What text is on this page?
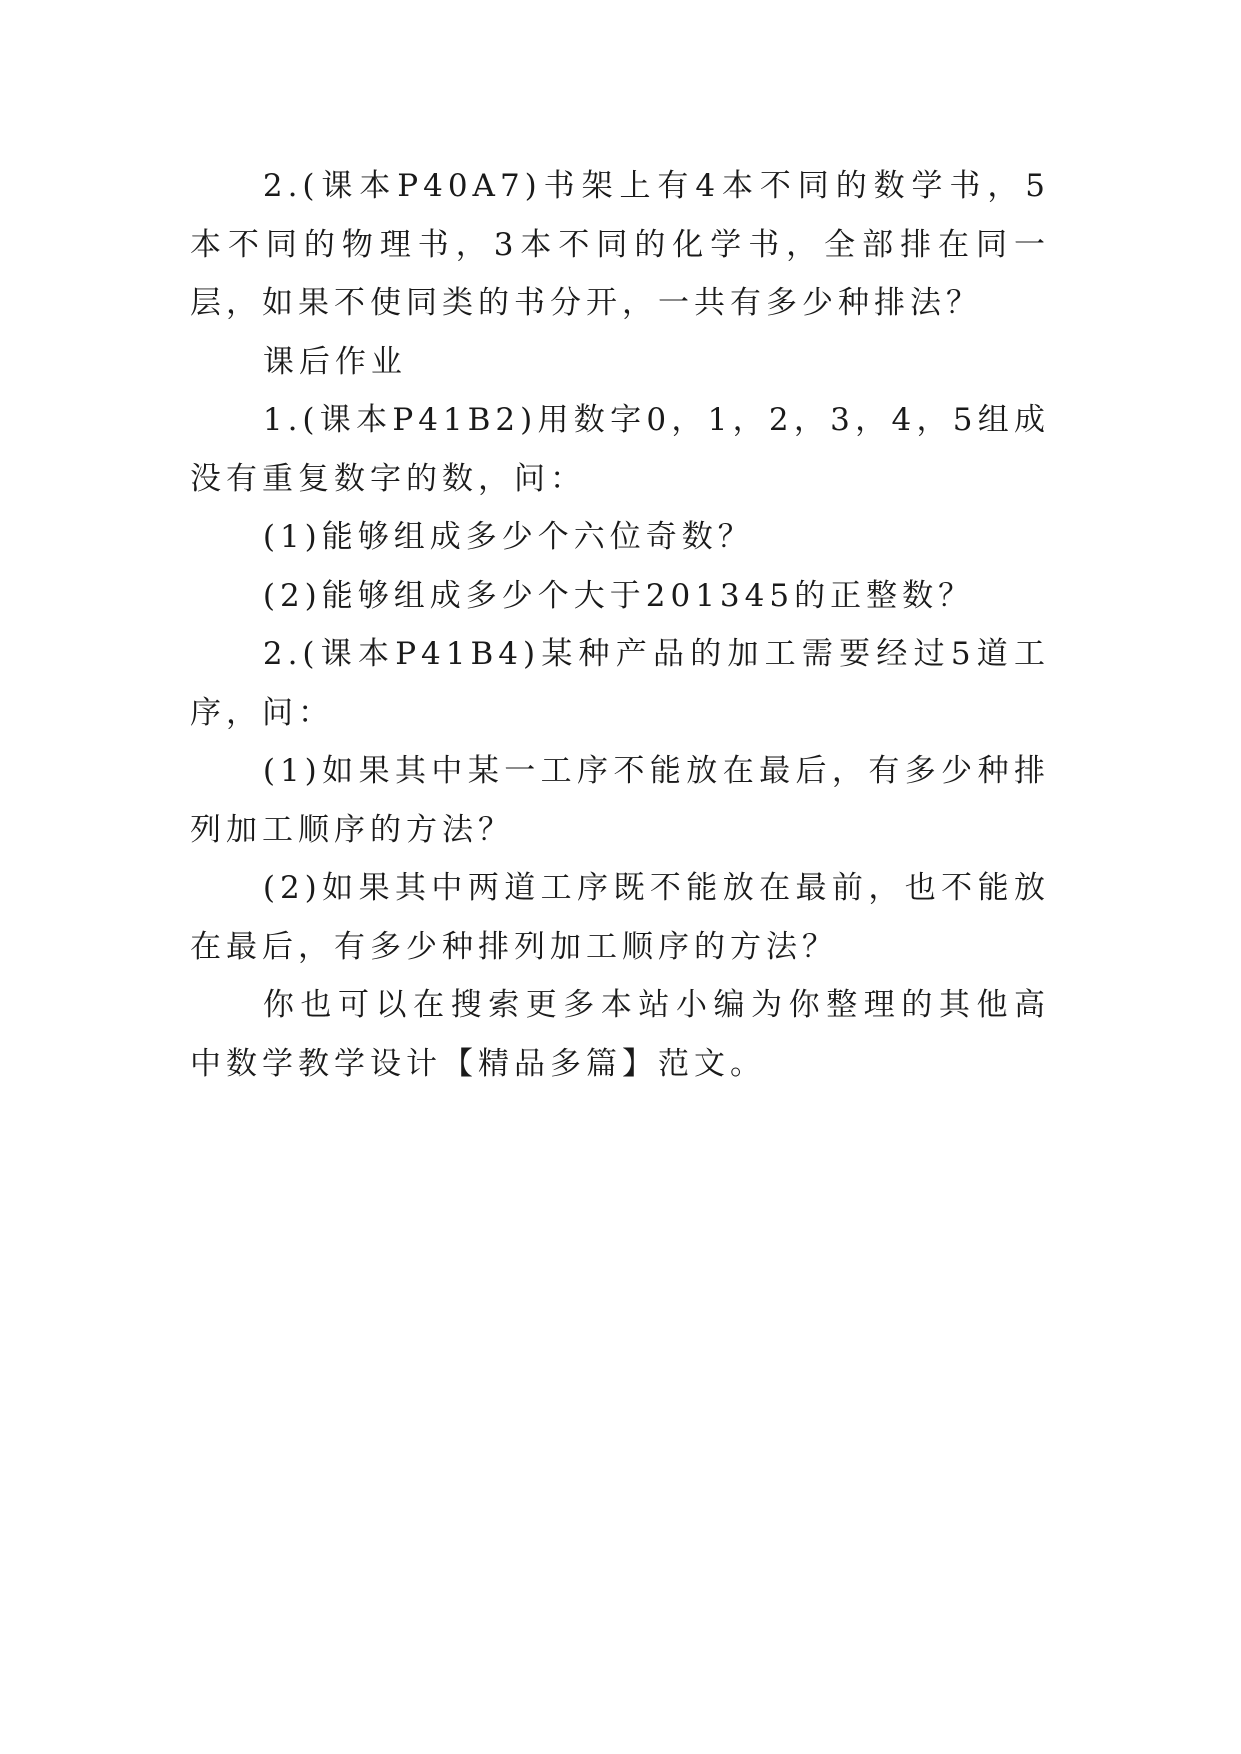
2.(课本P40A7)书架上有4本不同的数学书，5本不同的物理书，3本不同的化学书，全部排在同一层，如果不使同类的书分开，一共有多少种排法？

课后作业

1.(课本P41B2)用数字0，1，2，3，4，5组成没有重复数字的数，问：

(1)能够组成多少个六位奇数？

(2)能够组成多少个大于201345的正整数？

2.(课本P41B4)某种产品的加工需要经过5道工序，问：

(1)如果其中某一工序不能放在最后，有多少种排列加工顺序的方法？

(2)如果其中两道工序既不能放在最前，也不能放在最后，有多少种排列加工顺序的方法？

你也可以在搜索更多本站小编为你整理的其他高中数学教学设计【精品多篇】范文。
